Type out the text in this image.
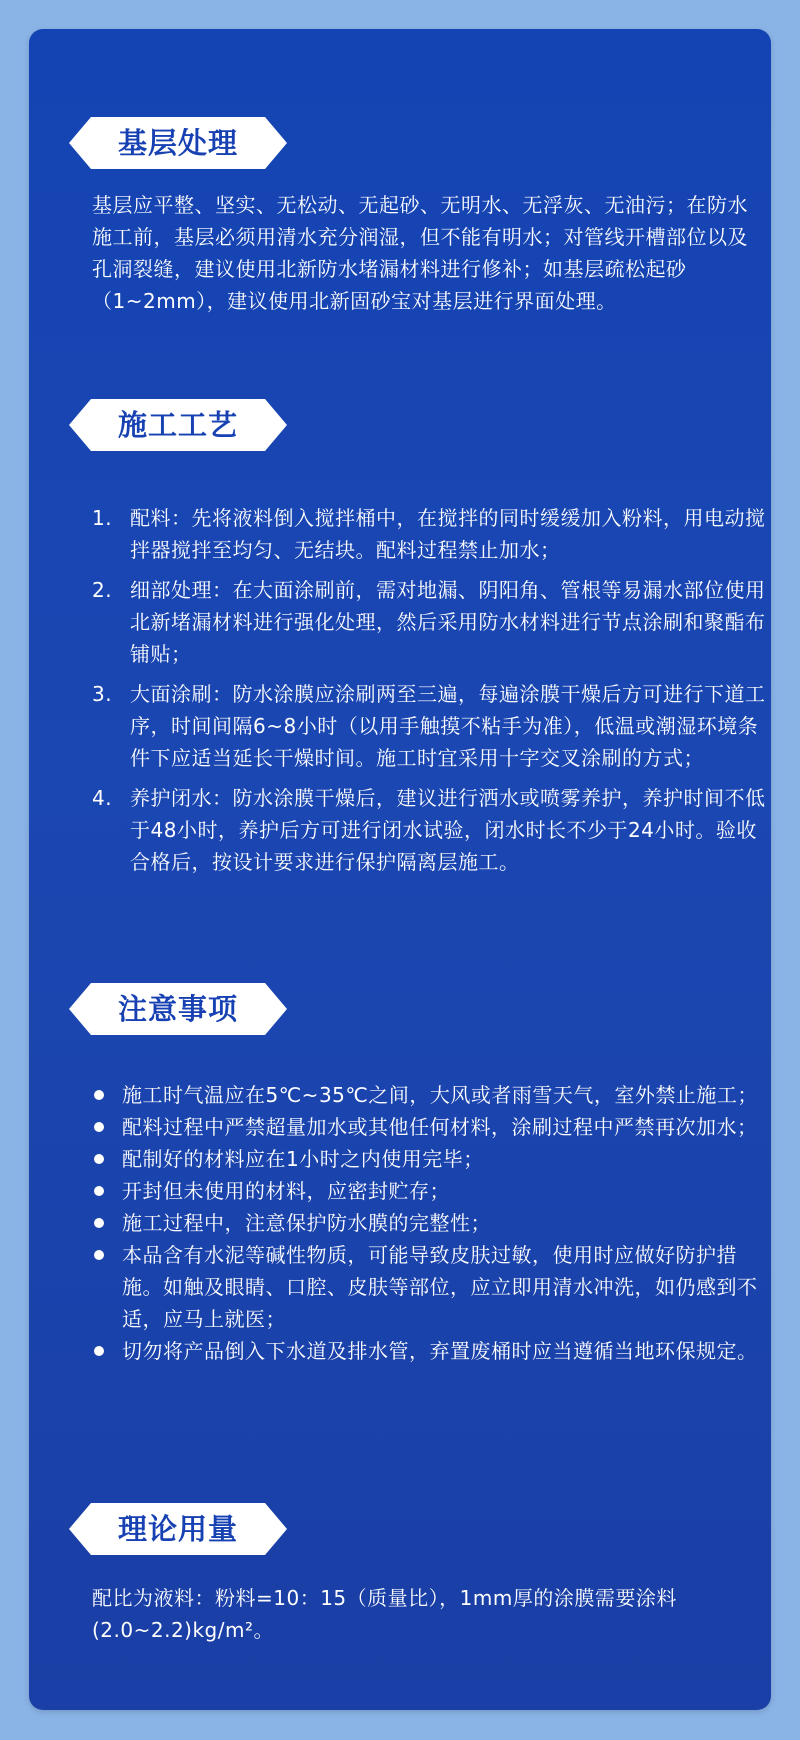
基层处理

基层应平整、坚实、无松动、无起砂、无明水、无浮灰、无油污；在防水施工前，基层必须用清水充分润湿，但不能有明水；对管线开槽部位以及孔洞裂缝，建议使用北新防水堵漏材料进行修补；如基层疏松起砂（1~2mm），建议使用北新固砂宝对基层进行界面处理。

施工工艺
1. 配料：先将液料倒入搅拌桶中，在搅拌的同时缓缓加入粉料，用电动搅拌器搅拌至均匀、无结块。配料过程禁止加水；
2. 细部处理：在大面涂刷前，需对地漏、阴阳角、管根等易漏水部位使用北新堵漏材料进行强化处理，然后采用防水材料进行节点涂刷和聚酯布铺贴；
3. 大面涂刷：防水涂膜应涂刷两至三遍，每遍涂膜干燥后方可进行下道工序，时间间隔6~8小时（以用手触摸不粘手为准），低温或潮湿环境条件下应适当延长干燥时间。施工时宜采用十字交叉涂刷的方式；
4. 养护闭水：防水涂膜干燥后，建议进行洒水或喷雾养护，养护时间不低于48小时，养护后方可进行闭水试验，闭水时长不少于24小时。验收合格后，按设计要求进行保护隔离层施工。
注意事项
施工时气温应在5℃~35℃之间，大风或者雨雪天气，室外禁止施工；
配料过程中严禁超量加水或其他任何材料，涂刷过程中严禁再次加水；
配制好的材料应在1小时之内使用完毕；
开封但未使用的材料，应密封贮存；
施工过程中，注意保护防水膜的完整性；
本品含有水泥等碱性物质，可能导致皮肤过敏，使用时应做好防护措施。如触及眼睛、口腔、皮肤等部位，应立即用清水冲洗，如仍感到不适，应马上就医；
切勿将产品倒入下水道及排水管，弃置废桶时应当遵循当地环保规定。
理论用量

配比为液料：粉料=10：15（质量比），1mm厚的涂膜需要涂料(2.0~2.2)kg/m²。
